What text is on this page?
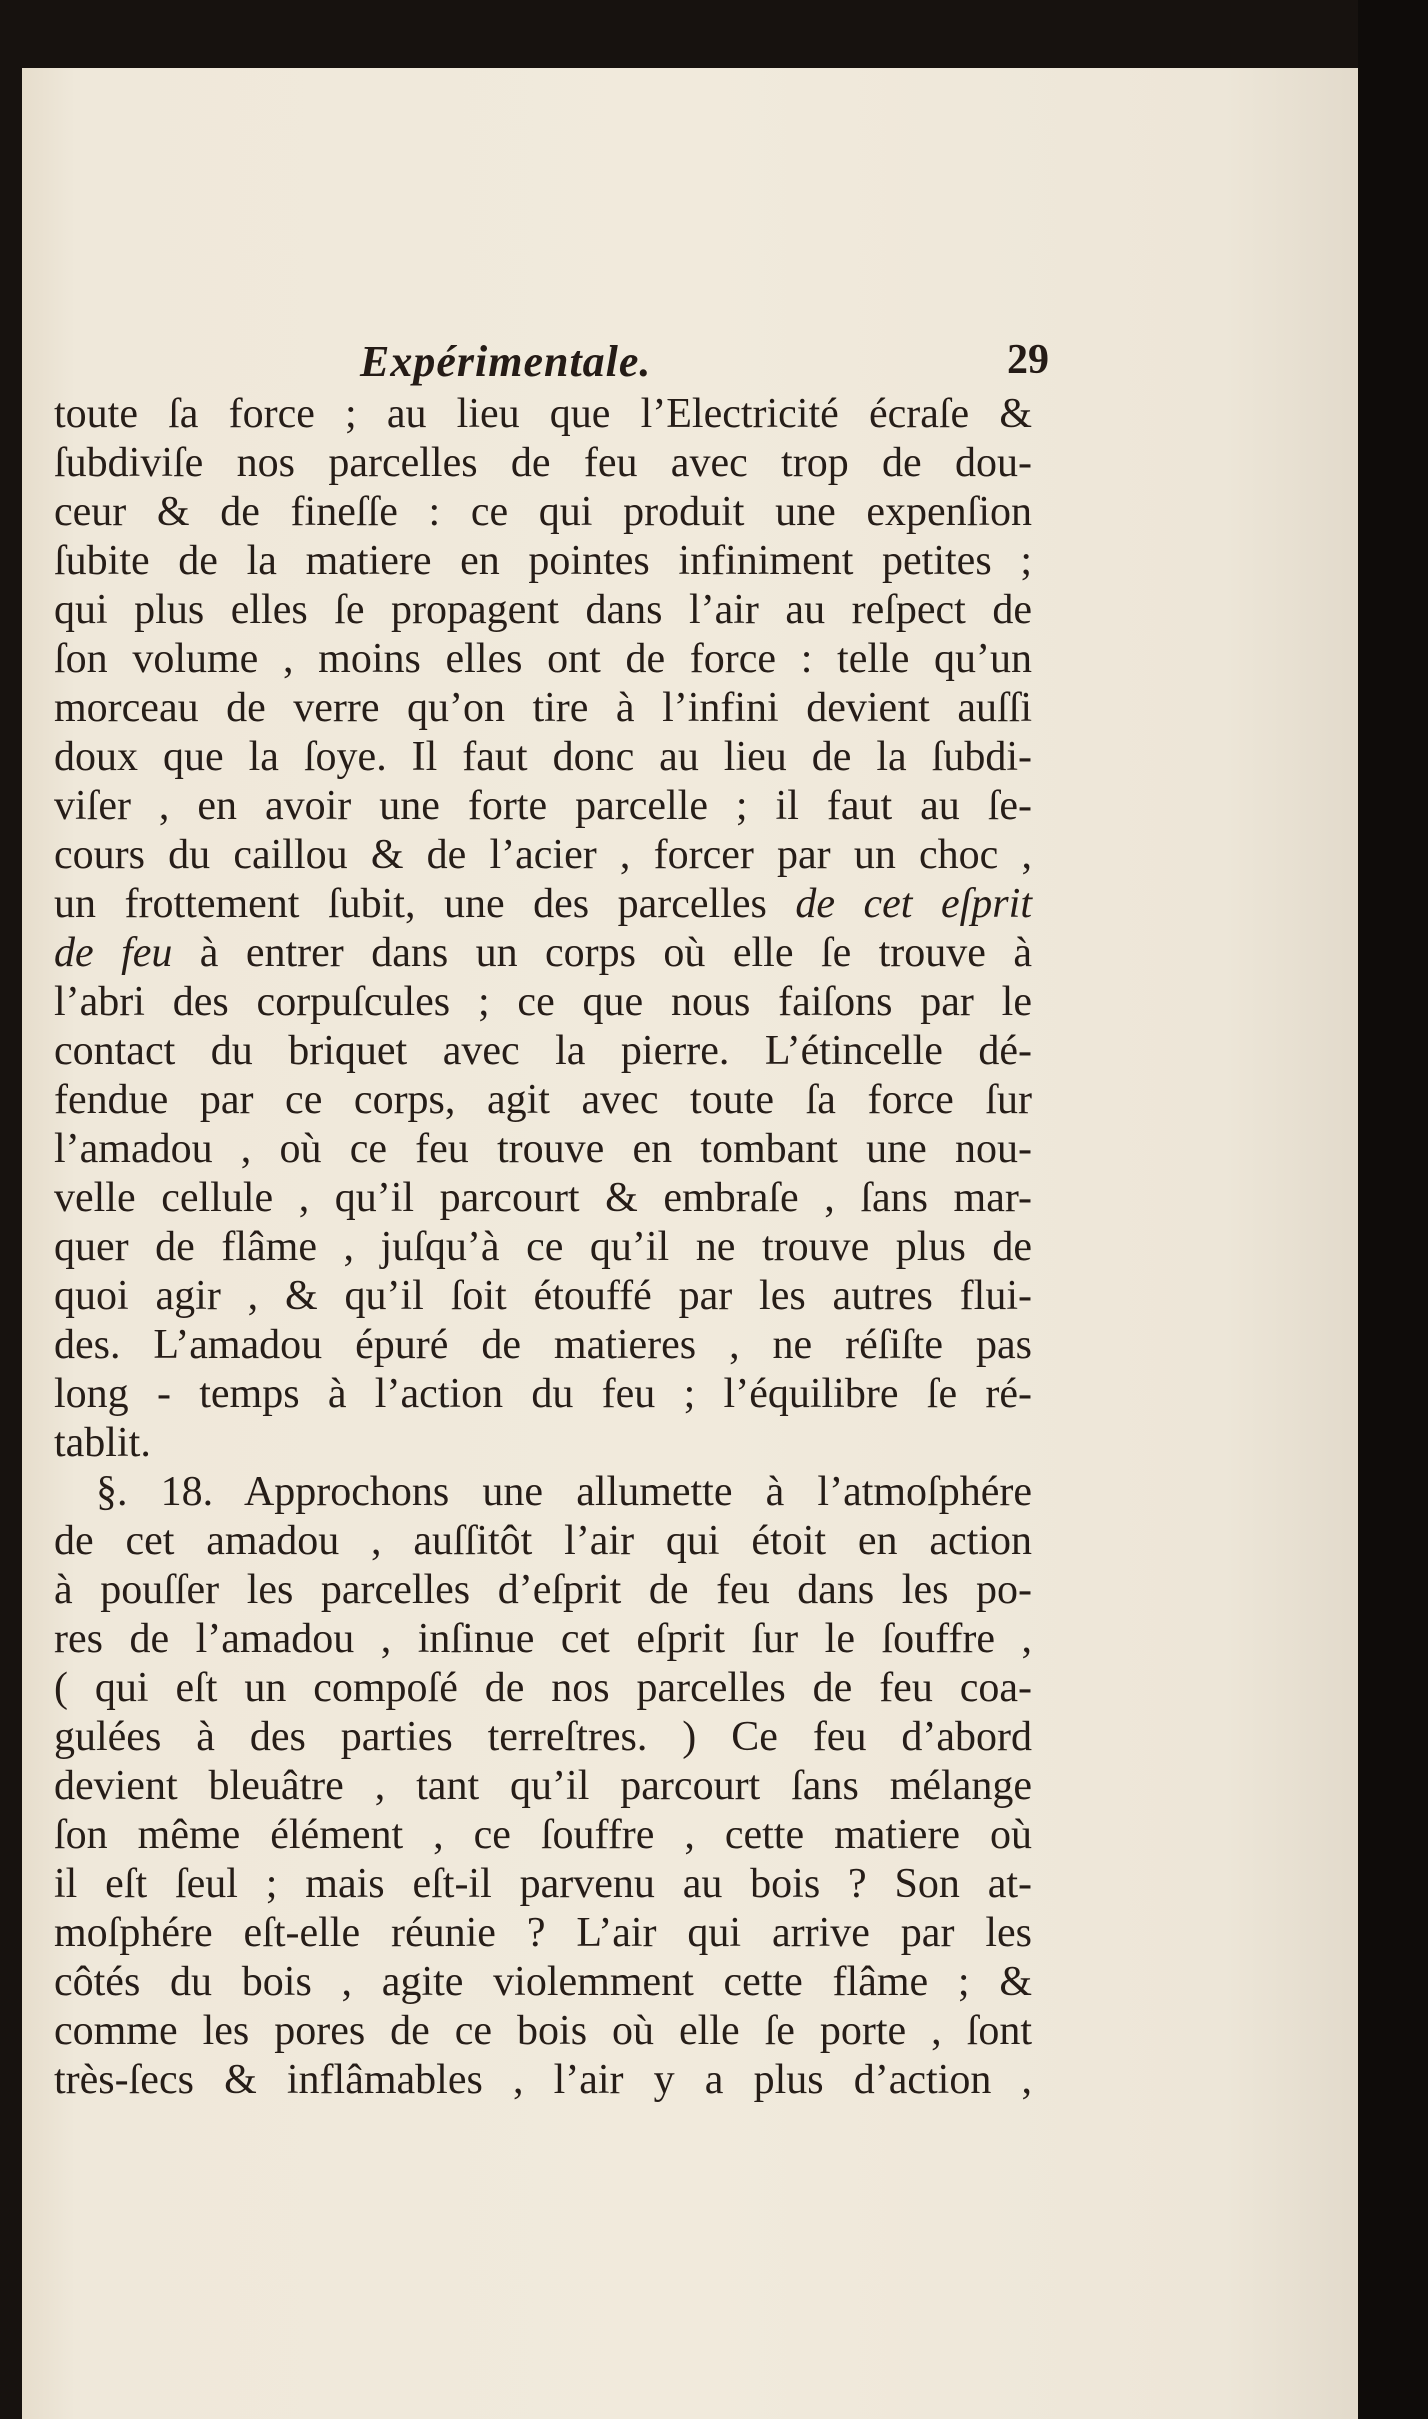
Expérimentale.	29
toute ſa force ; au lieu que l’Electricité écraſe &
ſubdiviſe nos parcelles de feu avec trop de dou-
ceur & de fineſſe : ce qui produit une expenſion
ſubite de la matiere en pointes infiniment petites ;
qui plus elles ſe propagent dans l’air au reſpect de
ſon volume , moins elles ont de force : telle qu’un
morceau de verre qu’on tire à l’infini devient auſſi
doux que la ſoye. Il faut donc au lieu de la ſubdi-
viſer , en avoir une forte parcelle ; il faut au ſe-
cours du caillou & de l’acier , forcer par un choc ,
un frottement ſubit, une des parcelles de cet eſprit
de feu à entrer dans un corps où elle ſe trouve à
l’abri des corpuſcules ; ce que nous faiſons par le
contact du briquet avec la pierre. L’étincelle dé-
fendue par ce corps, agit avec toute ſa force ſur
l’amadou , où ce feu trouve en tombant une nou-
velle cellule , qu’il parcourt & embraſe , ſans mar-
quer de flâme , juſqu’à ce qu’il ne trouve plus de
quoi agir , & qu’il ſoit étouffé par les autres flui-
des. L’amadou épuré de matieres , ne réſiſte pas
long - temps à l’action du feu ; l’équilibre ſe ré-
tablit.
§. 18. Approchons une allumette à l’atmoſphére
de cet amadou , auſſitôt l’air qui étoit en action
à pouſſer les parcelles d’eſprit de feu dans les po-
res de l’amadou , inſinue cet eſprit ſur le ſouffre ,
( qui eſt un compoſé de nos parcelles de feu coa-
gulées à des parties terreſtres. ) Ce feu d’abord
devient bleuâtre , tant qu’il parcourt ſans mélange
ſon même élément , ce ſouffre , cette matiere où
il eſt ſeul ; mais eſt-il parvenu au bois ? Son at-
moſphére eſt-elle réunie ? L’air qui arrive par les
côtés du bois , agite violemment cette flâme ; &
comme les pores de ce bois où elle ſe porte , ſont
très-ſecs & inflâmables , l’air y a plus d’action ,
